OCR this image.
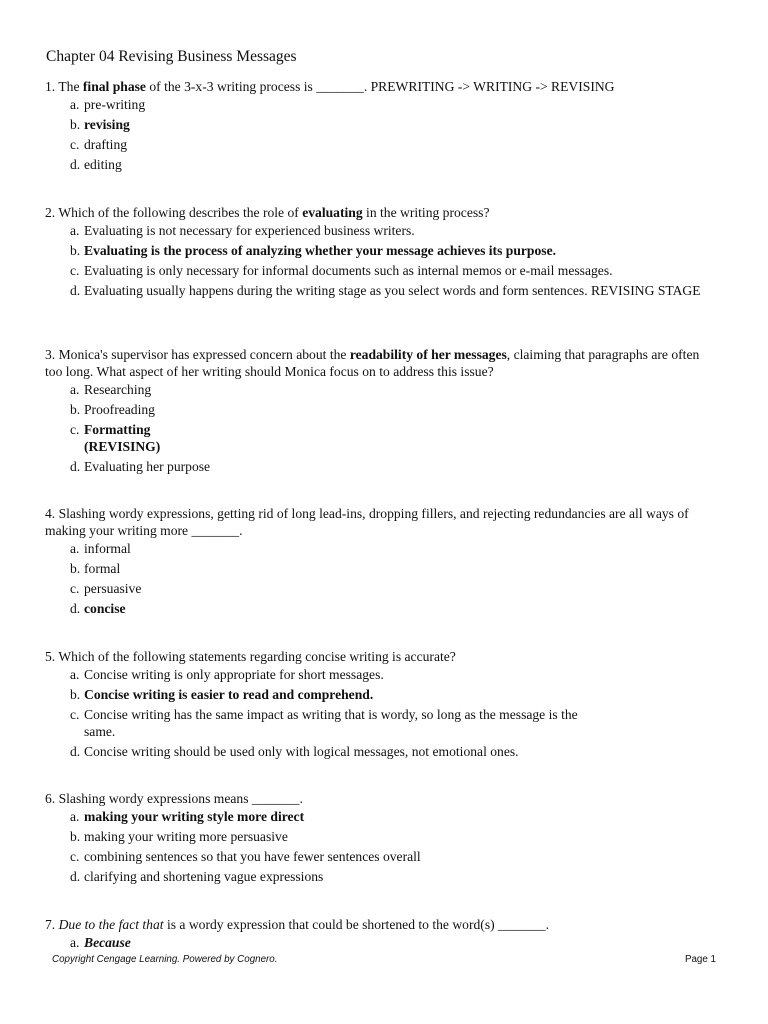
Chapter 04 Revising Business Messages
1. The final phase of the 3-x-3 writing process is _______. PREWRITING -> WRITING -> REVISING
a. pre-writing
b. revising
c. drafting
d. editing
2. Which of the following describes the role of evaluating in the writing process?
a. Evaluating is not necessary for experienced business writers.
b. Evaluating is the process of analyzing whether your message achieves its purpose.
c. Evaluating is only necessary for informal documents such as internal memos or e-mail messages.
d. Evaluating usually happens during the writing stage as you select words and form sentences. REVISING STAGE
3. Monica's supervisor has expressed concern about the readability of her messages, claiming that paragraphs are often too long. What aspect of her writing should Monica focus on to address this issue?
a. Researching
b. Proofreading
c. Formatting
(REVISING)
d. Evaluating her purpose
4. Slashing wordy expressions, getting rid of long lead-ins, dropping fillers, and rejecting redundancies are all ways of making your writing more _______.
a. informal
b. formal
c. persuasive
d. concise
5. Which of the following statements regarding concise writing is accurate?
a. Concise writing is only appropriate for short messages.
b. Concise writing is easier to read and comprehend.
c. Concise writing has the same impact as writing that is wordy, so long as the message is the
same.
d. Concise writing should be used only with logical messages, not emotional ones.
6. Slashing wordy expressions means _______.
a. making your writing style more direct
b. making your writing more persuasive
c. combining sentences so that you have fewer sentences overall
d. clarifying and shortening vague expressions
7. Due to the fact that is a wordy expression that could be shortened to the word(s) _______.
a. Because
Copyright Cengage Learning. Powered by Cognero.	Page 1
